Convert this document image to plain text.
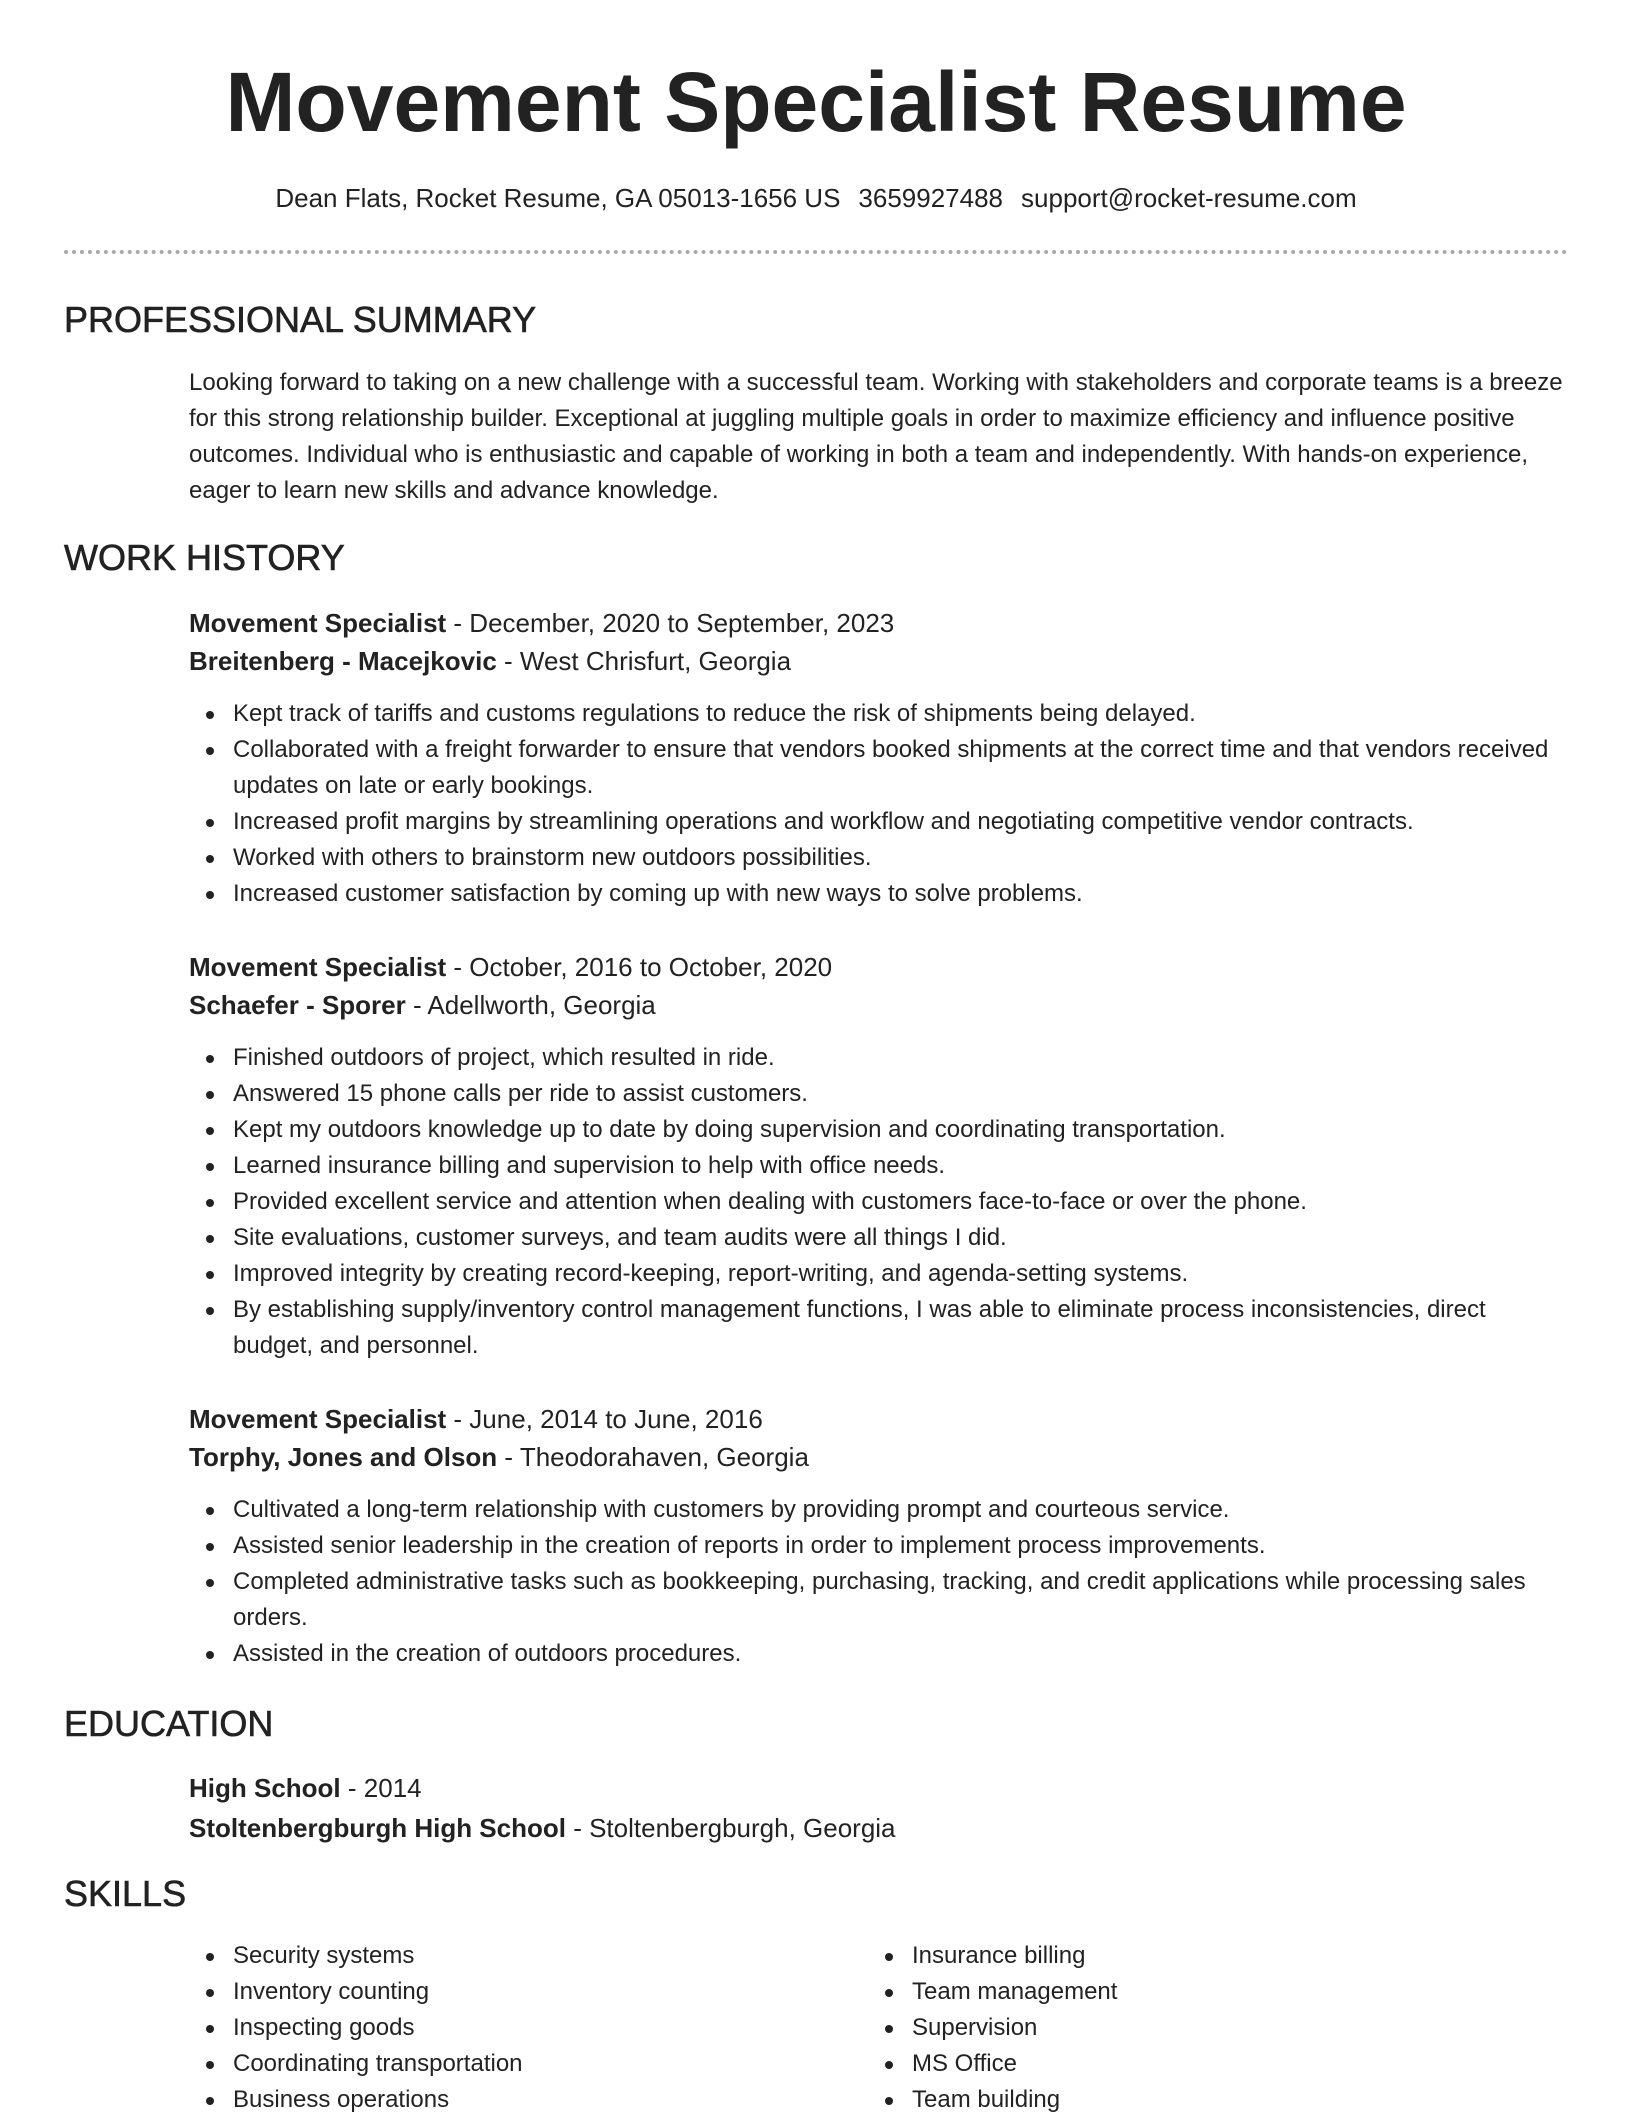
Movement Specialist Resume
Dean Flats, Rocket Resume, GA 05013-1656 US 3659927488 support@rocket-resume.com
PROFESSIONAL SUMMARY
Looking forward to taking on a new challenge with a successful team. Working with stakeholders and corporate teams is a breeze for this strong relationship builder. Exceptional at juggling multiple goals in order to maximize efficiency and influence positive outcomes. Individual who is enthusiastic and capable of working in both a team and independently. With hands-on experience, eager to learn new skills and advance knowledge.
WORK HISTORY
Movement Specialist - December, 2020 to September, 2023
Breitenberg - Macejkovic - West Chrisfurt, Georgia
Kept track of tariffs and customs regulations to reduce the risk of shipments being delayed.
Collaborated with a freight forwarder to ensure that vendors booked shipments at the correct time and that vendors received updates on late or early bookings.
Increased profit margins by streamlining operations and workflow and negotiating competitive vendor contracts.
Worked with others to brainstorm new outdoors possibilities.
Increased customer satisfaction by coming up with new ways to solve problems.
Movement Specialist - October, 2016 to October, 2020
Schaefer - Sporer - Adellworth, Georgia
Finished outdoors of project, which resulted in ride.
Answered 15 phone calls per ride to assist customers.
Kept my outdoors knowledge up to date by doing supervision and coordinating transportation.
Learned insurance billing and supervision to help with office needs.
Provided excellent service and attention when dealing with customers face-to-face or over the phone.
Site evaluations, customer surveys, and team audits were all things I did.
Improved integrity by creating record-keeping, report-writing, and agenda-setting systems.
By establishing supply/inventory control management functions, I was able to eliminate process inconsistencies, direct budget, and personnel.
Movement Specialist - June, 2014 to June, 2016
Torphy, Jones and Olson - Theodorahaven, Georgia
Cultivated a long-term relationship with customers by providing prompt and courteous service.
Assisted senior leadership in the creation of reports in order to implement process improvements.
Completed administrative tasks such as bookkeeping, purchasing, tracking, and credit applications while processing sales orders.
Assisted in the creation of outdoors procedures.
EDUCATION
High School - 2014
Stoltenbergburgh High School - Stoltenbergburgh, Georgia
SKILLS
Security systems
Inventory counting
Inspecting goods
Coordinating transportation
Business operations
Insurance billing
Team management
Supervision
MS Office
Team building
